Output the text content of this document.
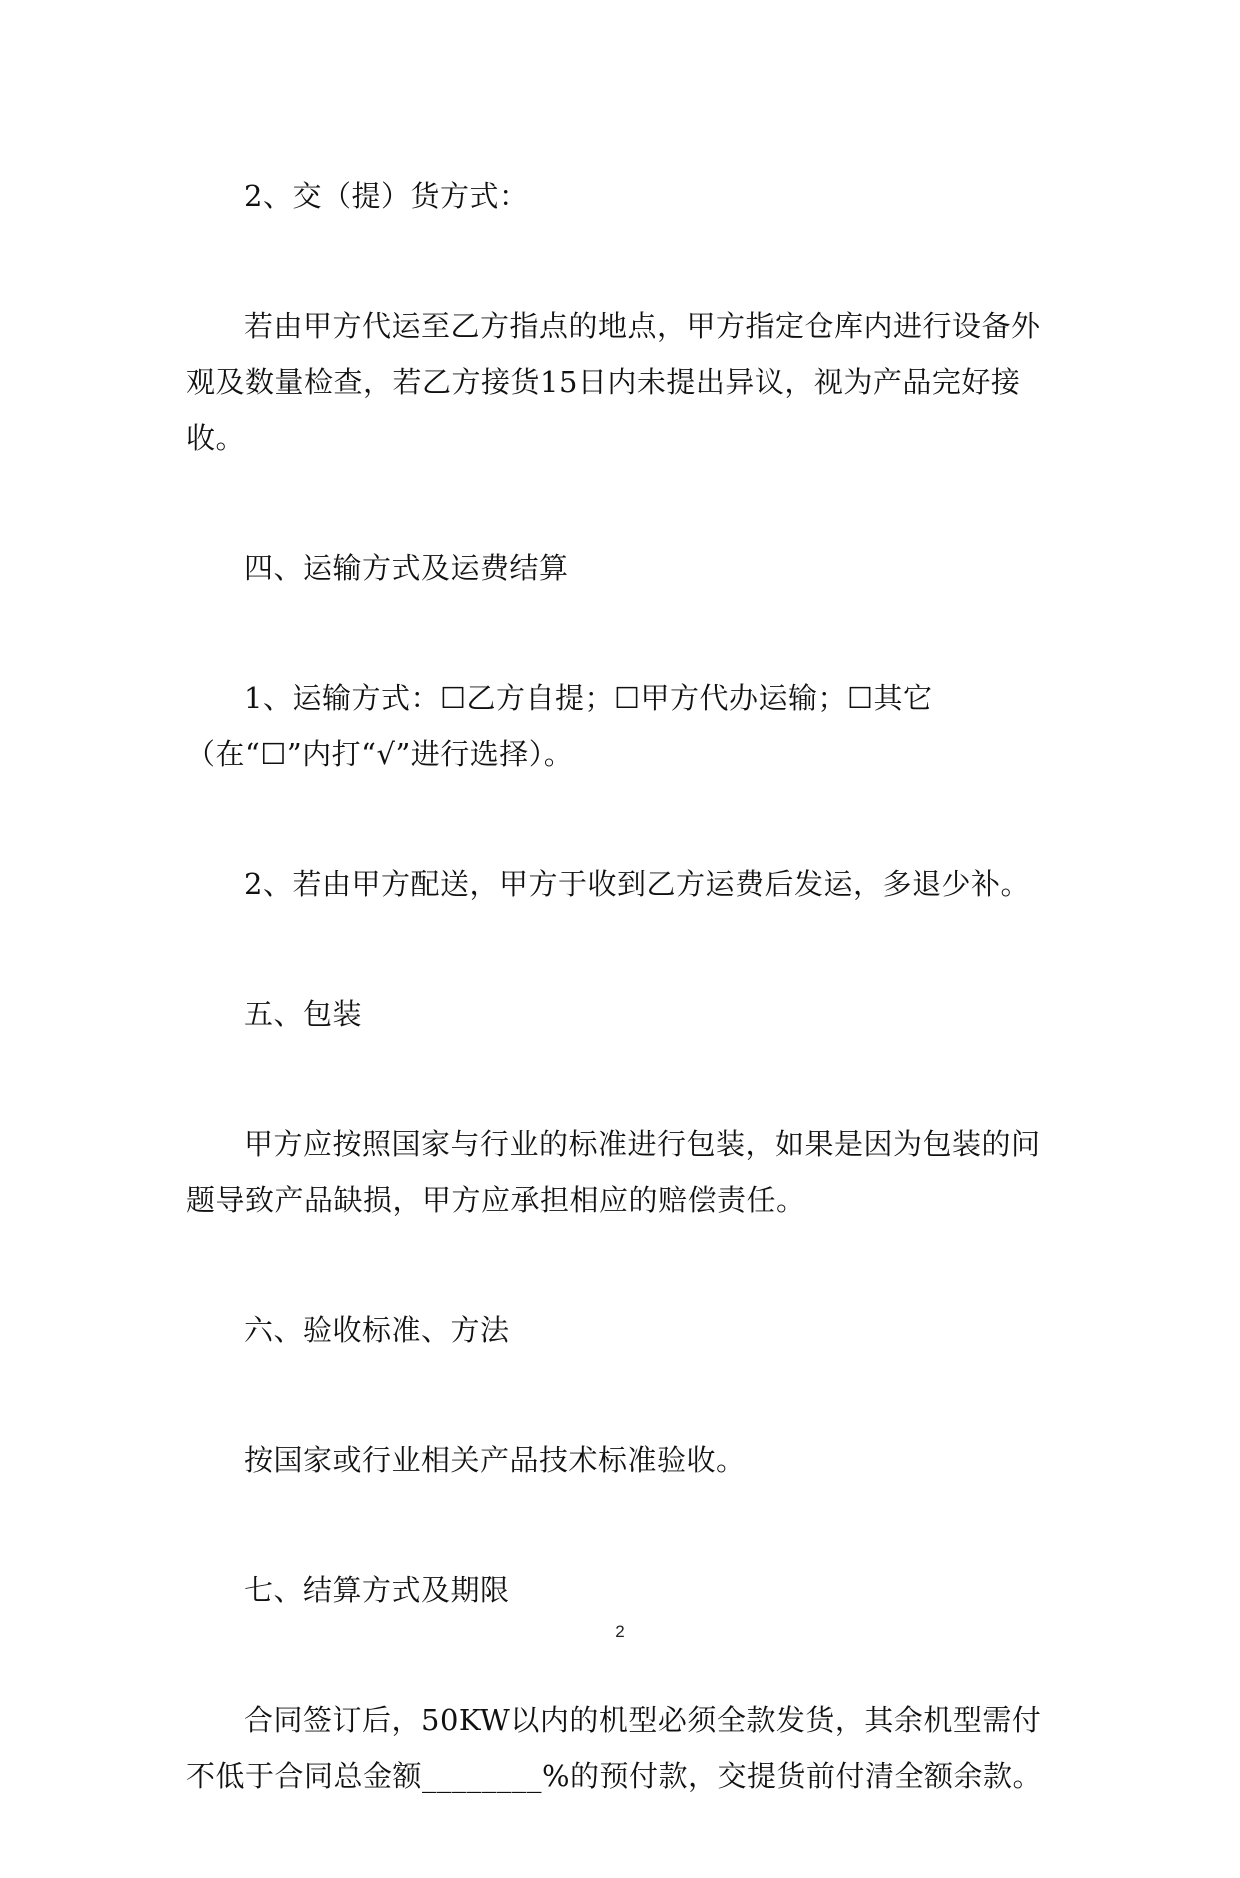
2、交（提）货方式：

若由甲方代运至乙方指点的地点，甲方指定仓库内进行设备外观及数量检查，若乙方接货15日内未提出异议，视为产品完好接收。

四、运输方式及运费结算

1、运输方式：☐乙方自提；☐甲方代办运输；☐其它（在“☐”内打“√”进行选择）。

2、若由甲方配送，甲方于收到乙方运费后发运，多退少补。

五、包装

甲方应按照国家与行业的标准进行包装，如果是因为包装的问题导致产品缺损，甲方应承担相应的赔偿责任。

六、验收标准、方法

按国家或行业相关产品技术标准验收。

七、结算方式及期限

合同签订后，50KW以内的机型必须全款发货，其余机型需付不低于合同总金额________%的预付款，交提货前付清全额余款。

2
